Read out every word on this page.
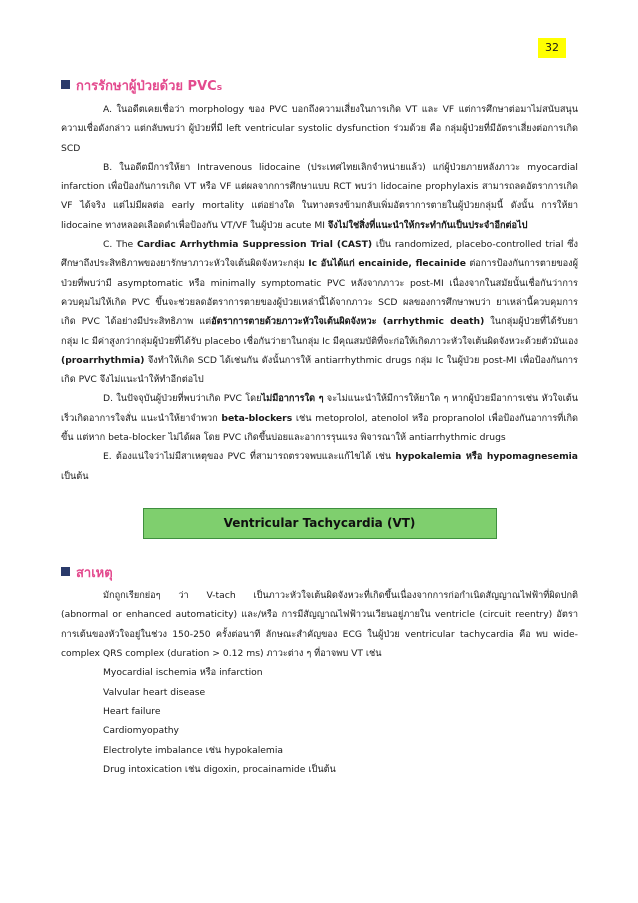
32
การรักษาผู้ป่วยด้วย PVCs

A. ในอดีตเคยเชื่อว่า morphology ของ PVC บอกถึงความเสี่ยงในการเกิด VT และ VF แต่การศึกษาต่อมาไม่สนับสนุนความเชื่อดังกล่าว แต่กลับพบว่า ผู้ป่วยที่มี left ventricular systolic dysfunction ร่วมด้วย คือ กลุ่มผู้ป่วยที่มีอัตราเสี่ยงต่อการเกิด SCD

B. ในอดีตมีการให้ยา Intravenous lidocaine (ประเทศไทยเลิกจำหน่ายแล้ว) แก่ผู้ป่วยภายหลังภาวะ myocardial infarction เพื่อป้องกันการเกิด VT หรือ VF แต่ผลจากการศึกษาแบบ RCT พบว่า lidocaine prophylaxis สามารถลดอัตราการเกิด VF ได้จริง แต่ไม่มีผลต่อ early mortality แต่อย่างใด ในทางตรงข้ามกลับเพิ่มอัตราการตายในผู้ป่วยกลุ่มนี้ ดังนั้น การให้ยา lidocaine ทางหลอดเลือดดำเพื่อป้องกัน VT/VF ในผู้ป่วย acute MI จึงไม่ใช่สิ่งที่แนะนำให้กระทำกันเป็นประจำอีกต่อไป

C. The Cardiac Arrhythmia Suppression Trial (CAST) เป็น randomized, placebo-controlled trial ซึ่งศึกษาถึงประสิทธิภาพของยารักษาภาวะหัวใจเต้นผิดจังหวะกลุ่ม Ic อันได้แก่ encainide, flecainide ต่อการป้องกันการตายของผู้ป่วยที่พบว่ามี asymptomatic หรือ minimally symptomatic PVC หลังจากภาวะ post-MI เนื่องจากในสมัยนั้นเชื่อกันว่าการควบคุมไม่ให้เกิด PVC ขึ้นจะช่วยลดอัตราการตายของผู้ป่วยเหล่านี้ได้จากภาวะ SCD ผลของการศึกษาพบว่า ยาเหล่านี้ควบคุมการเกิด PVC ได้อย่างมีประสิทธิภาพ แต่อัตราการตายด้วยภาวะหัวใจเต้นผิดจังหวะ (arrhythmic death) ในกลุ่มผู้ป่วยที่ได้รับยา กลุ่ม Ic มีค่าสูงกว่ากลุ่มผู้ป่วยที่ได้รับ placebo เชื่อกันว่ายาในกลุ่ม Ic มีคุณสมบัติที่จะก่อให้เกิดภาวะหัวใจเต้นผิดจังหวะด้วยตัวมันเอง (proarrhythmia) จึงทำให้เกิด SCD ได้เช่นกัน ดังนั้นการให้ antiarrhythmic drugs กลุ่ม Ic ในผู้ป่วย post-MI เพื่อป้องกันการเกิด PVC จึงไม่แนะนำให้ทำอีกต่อไป

D. ในปัจจุบันผู้ป่วยที่พบว่าเกิด PVC โดยไม่มีอาการใด ๆ จะไม่แนะนำให้มีการให้ยาใด ๆ หากผู้ป่วยมีอาการเช่น หัวใจเต้นเร็วเกิดอาการใจสั่น แนะนำให้ยาจำพวก beta-blockers เช่น metoprolol, atenolol หรือ propranolol เพื่อป้องกันอาการที่เกิดขึ้น แต่หาก beta-blocker ไม่ได้ผล โดย PVC เกิดขึ้นบ่อยและอาการรุนแรง พิจารณาให้ antiarrhythmic drugs

E. ต้องแน่ใจว่าไม่มีสาเหตุของ PVC ที่สามารถตรวจพบและแก้ไขได้ เช่น hypokalemia หรือ hypomagnesemia เป็นต้น

Ventricular Tachycardia (VT)
สาเหตุ

มักถูกเรียกย่อๆ ว่า V-tach เป็นภาวะหัวใจเต้นผิดจังหวะที่เกิดขึ้นเนื่องจากการก่อกำเนิดสัญญาณไฟฟ้าที่ผิดปกติ (abnormal or enhanced automaticity) และ/หรือ การมีสัญญาณไฟฟ้าวนเวียนอยู่ภายใน ventricle (circuit reentry) อัตราการเต้นของหัวใจอยู่ในช่วง 150-250 ครั้งต่อนาที ลักษณะสำคัญของ ECG ในผู้ป่วย ventricular tachycardia คือ พบ wide-complex QRS complex (duration > 0.12 ms) ภาวะต่าง ๆ ที่อาจพบ VT เช่น

Myocardial ischemia หรือ infarction
Valvular heart disease
Heart failure
Cardiomyopathy
Electrolyte imbalance เช่น hypokalemia
Drug intoxication เช่น digoxin, procainamide เป็นต้น
